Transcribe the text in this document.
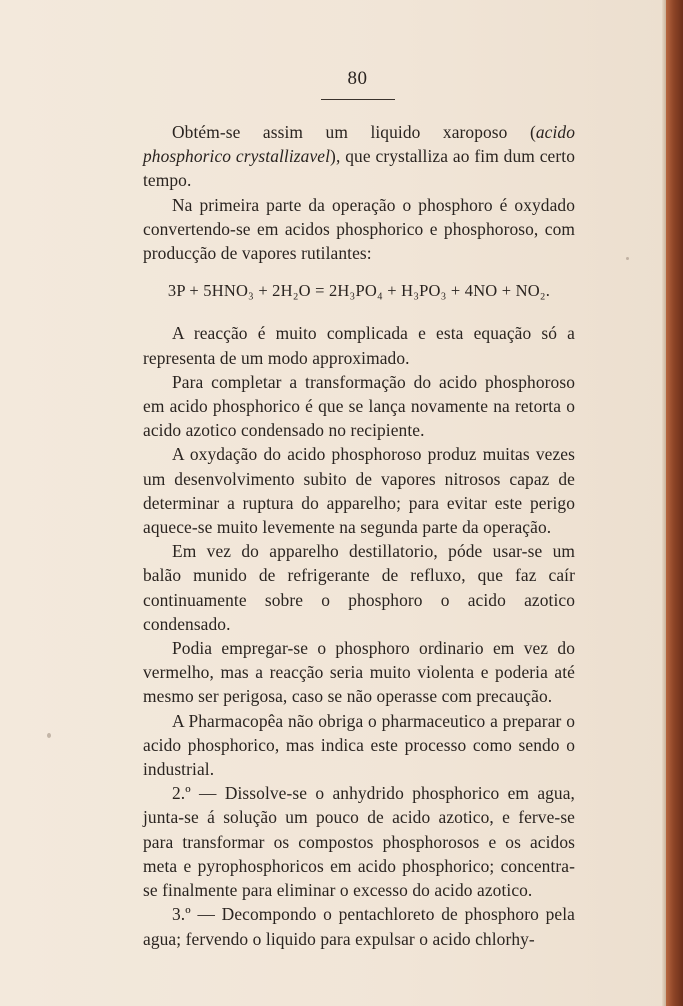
80

Obtém-se assim um liquido xaroposo (acido phosphorico crystallizavel), que crystalliza ao fim dum certo tempo.

Na primeira parte da operação o phosphoro é oxydado convertendo-se em acidos phosphorico e phosphoroso, com producção de vapores rutilantes:

3P + 5HNO₃ + 2H₂O = 2H₃PO₄ + H₃PO₃ + 4NO + NO₂.

A reacção é muito complicada e esta equação só a representa de um modo approximado.

Para completar a transformação do acido phosphoroso em acido phosphorico é que se lança novamente na retorta o acido azotico condensado no recipiente.

A oxydação do acido phosphoroso produz muitas vezes um desenvolvimento subito de vapores nitrosos capaz de determinar a ruptura do apparelho; para evitar este perigo aquece-se muito levemente na segunda parte da operação.

Em vez do apparelho destillatorio, póde usar-se um balão munido de refrigerante de refluxo, que faz caír continuamente sobre o phosphoro o acido azotico condensado.

Podia empregar-se o phosphoro ordinario em vez do vermelho, mas a reacção seria muito violenta e poderia até mesmo ser perigosa, caso se não operasse com precaução.

A Pharmacopêa não obriga o pharmaceutico a preparar o acido phosphorico, mas indica este processo como sendo o industrial.

2.º — Dissolve-se o anhydrido phosphorico em agua, junta-se á solução um pouco de acido azotico, e ferve-se para transformar os compostos phosphorosos e os acidos meta e pyrophosphoricos em acido phosphorico; concentra-se finalmente para eliminar o excesso do acido azotico.

3.º — Decompondo o pentachloreto de phosphoro pela agua; fervendo o liquido para expulsar o acido chlorhy-
